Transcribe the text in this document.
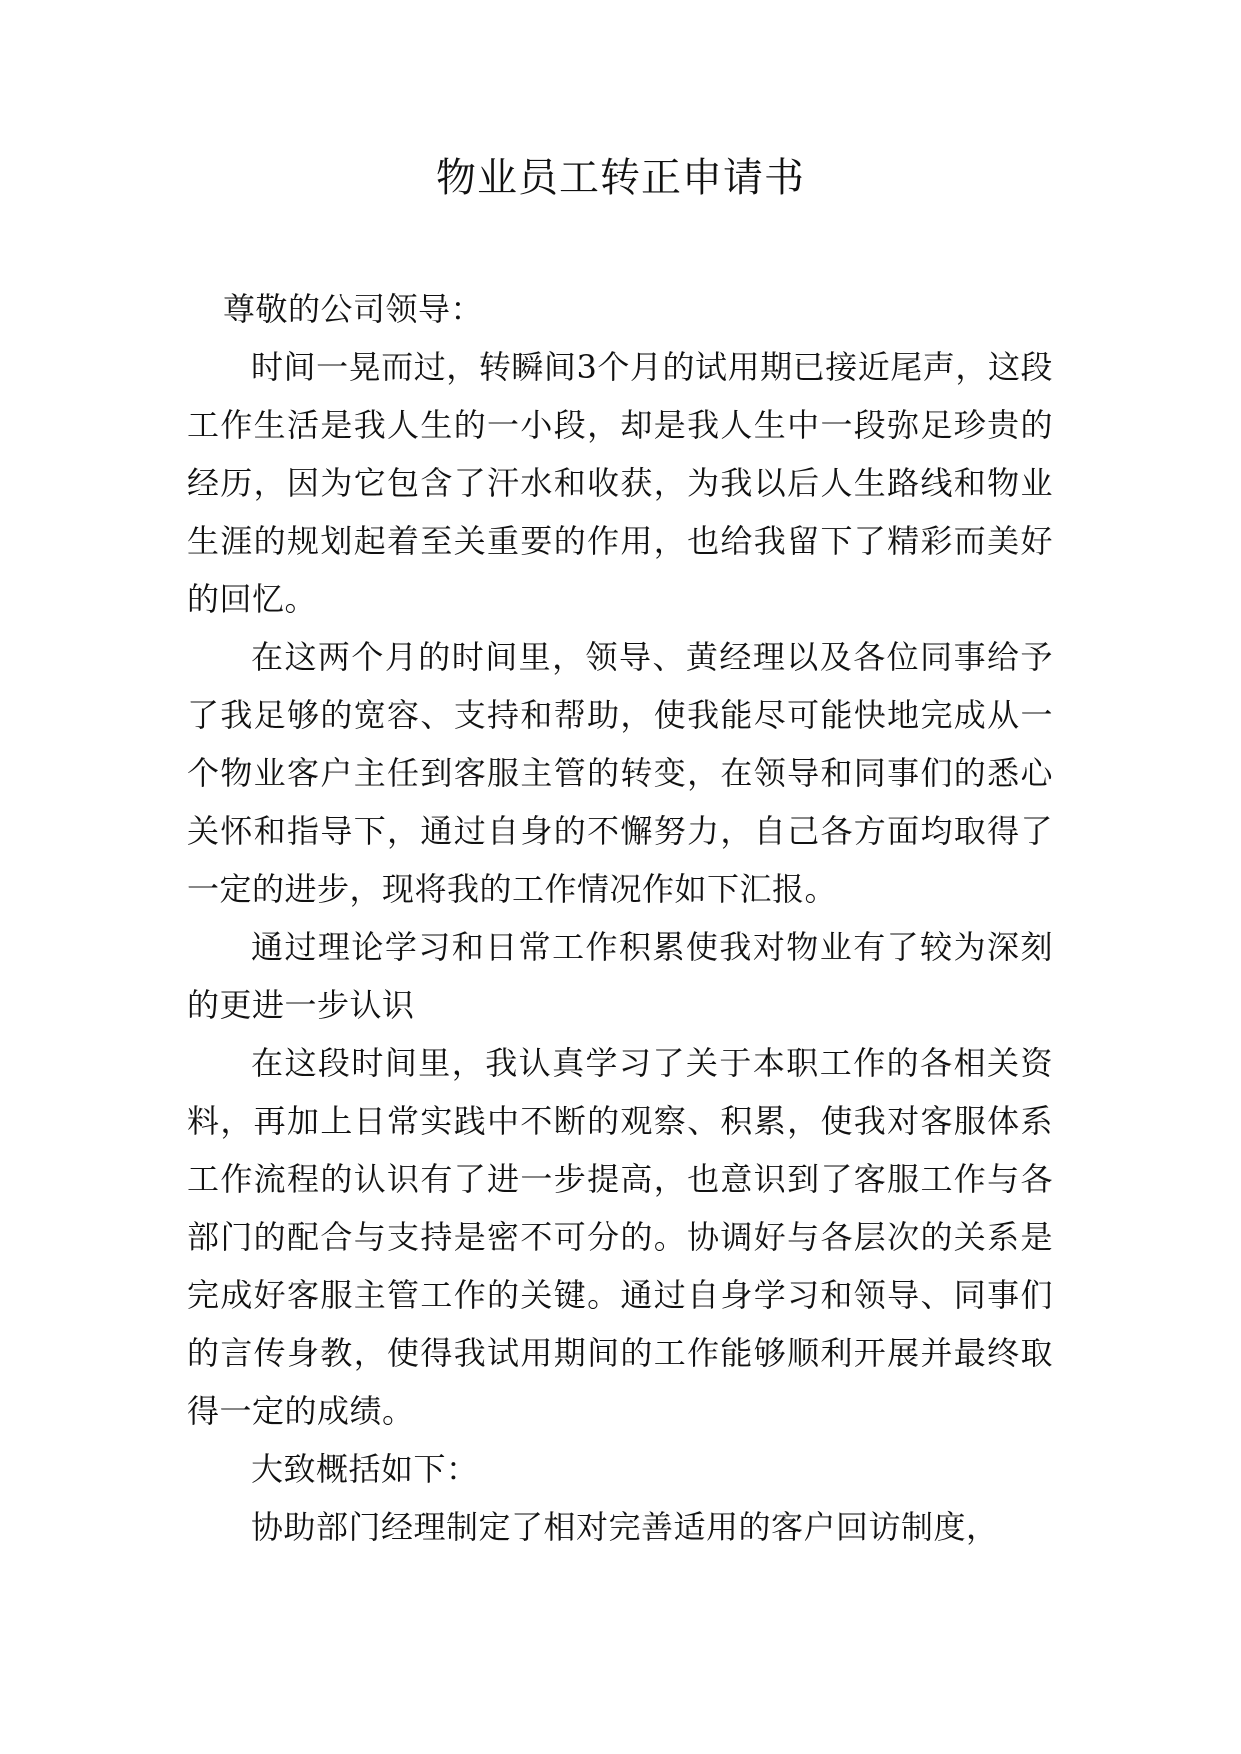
物业员工转正申请书

尊敬的公司领导：

时间一晃而过，转瞬间3个月的试用期已接近尾声，这段工作生活是我人生的一小段，却是我人生中一段弥足珍贵的经历，因为它包含了汗水和收获，为我以后人生路线和物业生涯的规划起着至关重要的作用，也给我留下了精彩而美好的回忆。

在这两个月的时间里，领导、黄经理以及各位同事给予了我足够的宽容、支持和帮助，使我能尽可能快地完成从一个物业客户主任到客服主管的转变，在领导和同事们的悉心关怀和指导下，通过自身的不懈努力，自己各方面均取得了一定的进步，现将我的工作情况作如下汇报。

通过理论学习和日常工作积累使我对物业有了较为深刻的更进一步认识

在这段时间里，我认真学习了关于本职工作的各相关资料，再加上日常实践中不断的观察、积累，使我对客服体系工作流程的认识有了进一步提高，也意识到了客服工作与各部门的配合与支持是密不可分的。协调好与各层次的关系是完成好客服主管工作的关键。通过自身学习和领导、同事们的言传身教，使得我试用期间的工作能够顺利开展并最终取得一定的成绩。

大致概括如下：

协助部门经理制定了相对完善适用的客户回访制度，
